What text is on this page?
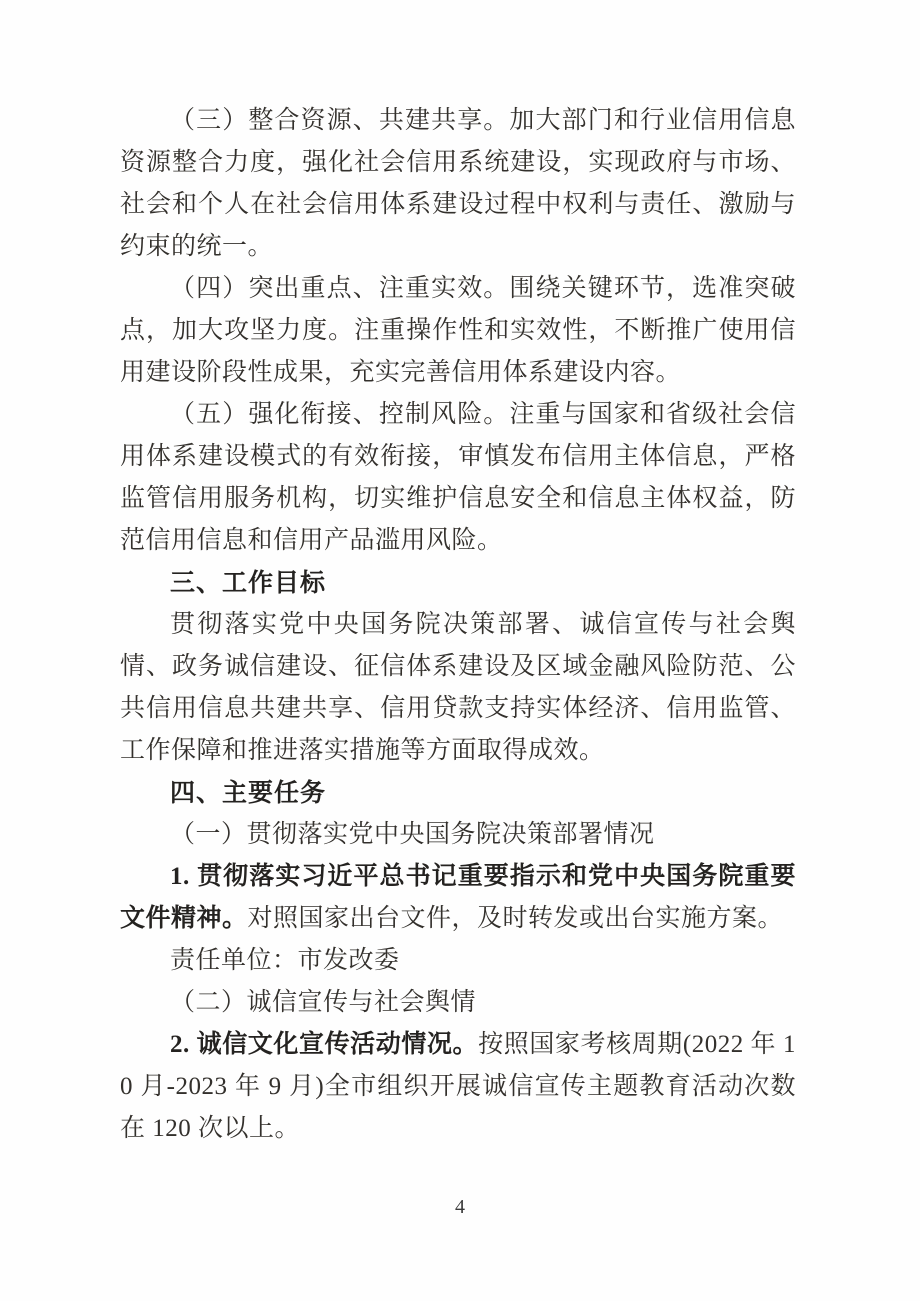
（三）整合资源、共建共享。加大部门和行业信用信息资源整合力度，强化社会信用系统建设，实现政府与市场、社会和个人在社会信用体系建设过程中权利与责任、激励与约束的统一。

（四）突出重点、注重实效。围绕关键环节，选准突破点，加大攻坚力度。注重操作性和实效性，不断推广使用信用建设阶段性成果，充实完善信用体系建设内容。

（五）强化衔接、控制风险。注重与国家和省级社会信用体系建设模式的有效衔接，审慎发布信用主体信息，严格监管信用服务机构，切实维护信息安全和信息主体权益，防范信用信息和信用产品滥用风险。

三、工作目标

贯彻落实党中央国务院决策部署、诚信宣传与社会舆情、政务诚信建设、征信体系建设及区域金融风险防范、公共信用信息共建共享、信用贷款支持实体经济、信用监管、工作保障和推进落实措施等方面取得成效。

四、主要任务

（一）贯彻落实党中央国务院决策部署情况

1. 贯彻落实习近平总书记重要指示和党中央国务院重要文件精神。对照国家出台文件，及时转发或出台实施方案。

责任单位：市发改委

（二）诚信宣传与社会舆情

2. 诚信文化宣传活动情况。按照国家考核周期(2022 年 10 月-2023 年 9 月)全市组织开展诚信宣传主题教育活动次数在 120 次以上。

4
